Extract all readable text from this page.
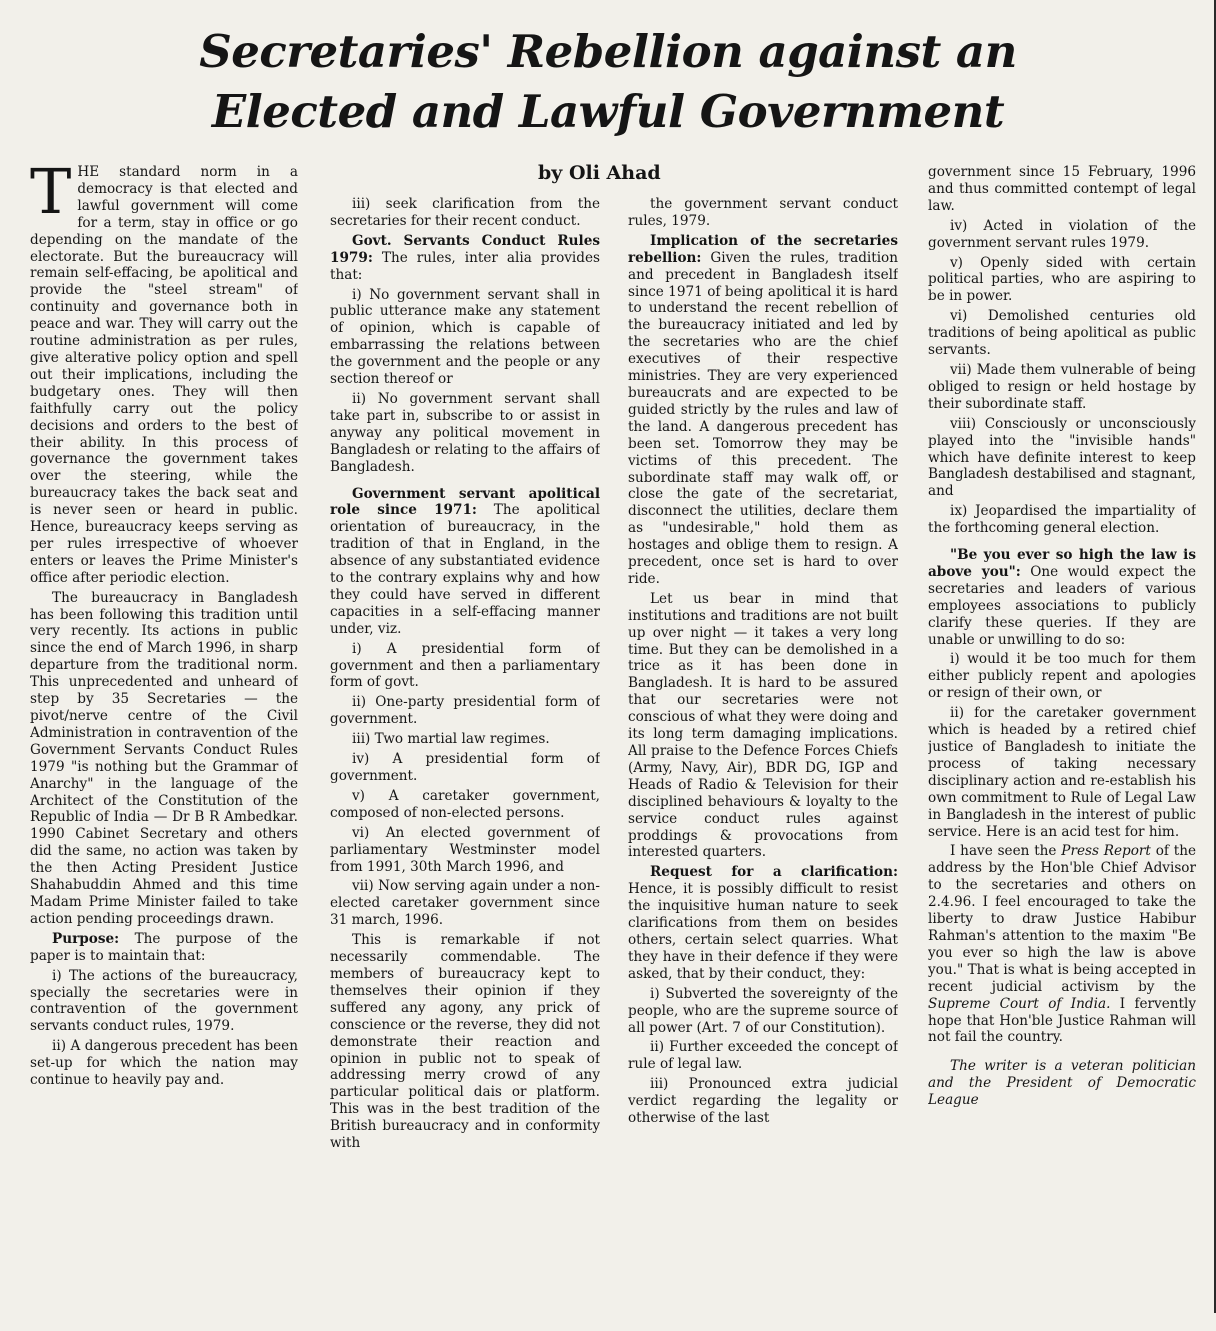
Secretaries' Rebellion against an
Elected and Lawful Government
by Oli Ahad

THE standard norm in a democracy is that elected and lawful government will come for a term, stay in office or go depending on the mandate of the electorate. But the bureaucracy will remain self-effacing, be apolitical and provide the "steel stream" of continuity and governance both in peace and war. They will carry out the routine administration as per rules, give alterative policy option and spell out their implications, including the budgetary ones. They will then faithfully carry out the policy decisions and orders to the best of their ability. In this process of governance the government takes over the steering, while the bureaucracy takes the back seat and is never seen or heard in public. Hence, bureaucracy keeps serving as per rules irrespective of whoever enters or leaves the Prime Minister's office after periodic election.

The bureaucracy in Bangladesh has been following this tradition until very recently. Its actions in public since the end of March 1996, in sharp departure from the traditional norm. This unprecedented and unheard of step by 35 Secretaries — the pivot/nerve centre of the Civil Administration in contravention of the Government Servants Conduct Rules 1979 "is nothing but the Grammar of Anarchy" in the language of the Architect of the Constitution of the Republic of India — Dr B R Ambedkar. 1990 Cabinet Secretary and others did the same, no action was taken by the then Acting President Justice Shahabuddin Ahmed and this time Madam Prime Minister failed to take action pending proceedings drawn.

Purpose: The purpose of the paper is to maintain that:

i) The actions of the bureaucracy, specially the secretaries were in contravention of the government servants conduct rules, 1979.

ii) A dangerous precedent has been set-up for which the nation may continue to heavily pay and.

iii) seek clarification from the secretaries for their recent conduct.

Govt. Servants Conduct Rules 1979: The rules, inter alia provides that:

i) No government servant shall in public utterance make any statement of opinion, which is capable of embarrassing the relations between the government and the people or any section thereof or

ii) No government servant shall take part in, subscribe to or assist in anyway any political movement in Bangladesh or relating to the affairs of Bangladesh.

Government servant apolitical role since 1971: The apolitical orientation of bureaucracy, in the tradition of that in England, in the absence of any substantiated evidence to the contrary explains why and how they could have served in different capacities in a self-effacing manner under, viz.

i) A presidential form of government and then a parliamentary form of govt.

ii) One-party presidential form of government.

iii) Two martial law regimes.

iv) A presidential form of government.

v) A caretaker government, composed of non-elected persons.

vi) An elected government of parliamentary Westminster model from 1991, 30th March 1996, and

vii) Now serving again under a non-elected caretaker government since 31 march, 1996.

This is remarkable if not necessarily commendable. The members of bureaucracy kept to themselves their opinion if they suffered any agony, any prick of conscience or the reverse, they did not demonstrate their reaction and opinion in public not to speak of addressing merry crowd of any particular political dais or platform. This was in the best tradition of the British bureaucracy and in conformity with

the government servant conduct rules, 1979.

Implication of the secretaries rebellion: Given the rules, tradition and precedent in Bangladesh itself since 1971 of being apolitical it is hard to understand the recent rebellion of the bureaucracy initiated and led by the secretaries who are the chief executives of their respective ministries. They are very experienced bureaucrats and are expected to be guided strictly by the rules and law of the land. A dangerous precedent has been set. Tomorrow they may be victims of this precedent. The subordinate staff may walk off, or close the gate of the secretariat, disconnect the utilities, declare them as "undesirable," hold them as hostages and oblige them to resign. A precedent, once set is hard to over ride.

Let us bear in mind that institutions and traditions are not built up over night — it takes a very long time. But they can be demolished in a trice as it has been done in Bangladesh. It is hard to be assured that our secretaries were not conscious of what they were doing and its long term damaging implications. All praise to the Defence Forces Chiefs (Army, Navy, Air), BDR DG, IGP and Heads of Radio & Television for their disciplined behaviours & loyalty to the service conduct rules against proddings & provocations from interested quarters.

Request for a clarification: Hence, it is possibly difficult to resist the inquisitive human nature to seek clarifications from them on besides others, certain select quarries. What they have in their defence if they were asked, that by their conduct, they:

i) Subverted the sovereignty of the people, who are the supreme source of all power (Art. 7 of our Constitution).

ii) Further exceeded the concept of rule of legal law.

iii) Pronounced extra judicial verdict regarding the legality or otherwise of the last

government since 15 February, 1996 and thus committed contempt of legal law.

iv) Acted in violation of the government servant rules 1979.

v) Openly sided with certain political parties, who are aspiring to be in power.

vi) Demolished centuries old traditions of being apolitical as public servants.

vii) Made them vulnerable of being obliged to resign or held hostage by their subordinate staff.

viii) Consciously or unconsciously played into the "invisible hands" which have definite interest to keep Bangladesh destabilised and stagnant, and

ix) Jeopardised the impartiality of the forthcoming general election.

"Be you ever so high the law is above you": One would expect the secretaries and leaders of various employees associations to publicly clarify these queries. If they are unable or unwilling to do so:

i) would it be too much for them either publicly repent and apologies or resign of their own, or

ii) for the caretaker government which is headed by a retired chief justice of Bangladesh to initiate the process of taking necessary disciplinary action and re-establish his own commitment to Rule of Legal Law in Bangladesh in the interest of public service. Here is an acid test for him.

I have seen the Press Report of the address by the Hon'ble Chief Advisor to the secretaries and others on 2.4.96. I feel encouraged to take the liberty to draw Justice Habibur Rahman's attention to the maxim "Be you ever so high the law is above you." That is what is being accepted in recent judicial activism by the Supreme Court of India. I fervently hope that Hon'ble Justice Rahman will not fail the country.

The writer is a veteran politician and the President of Democratic League
